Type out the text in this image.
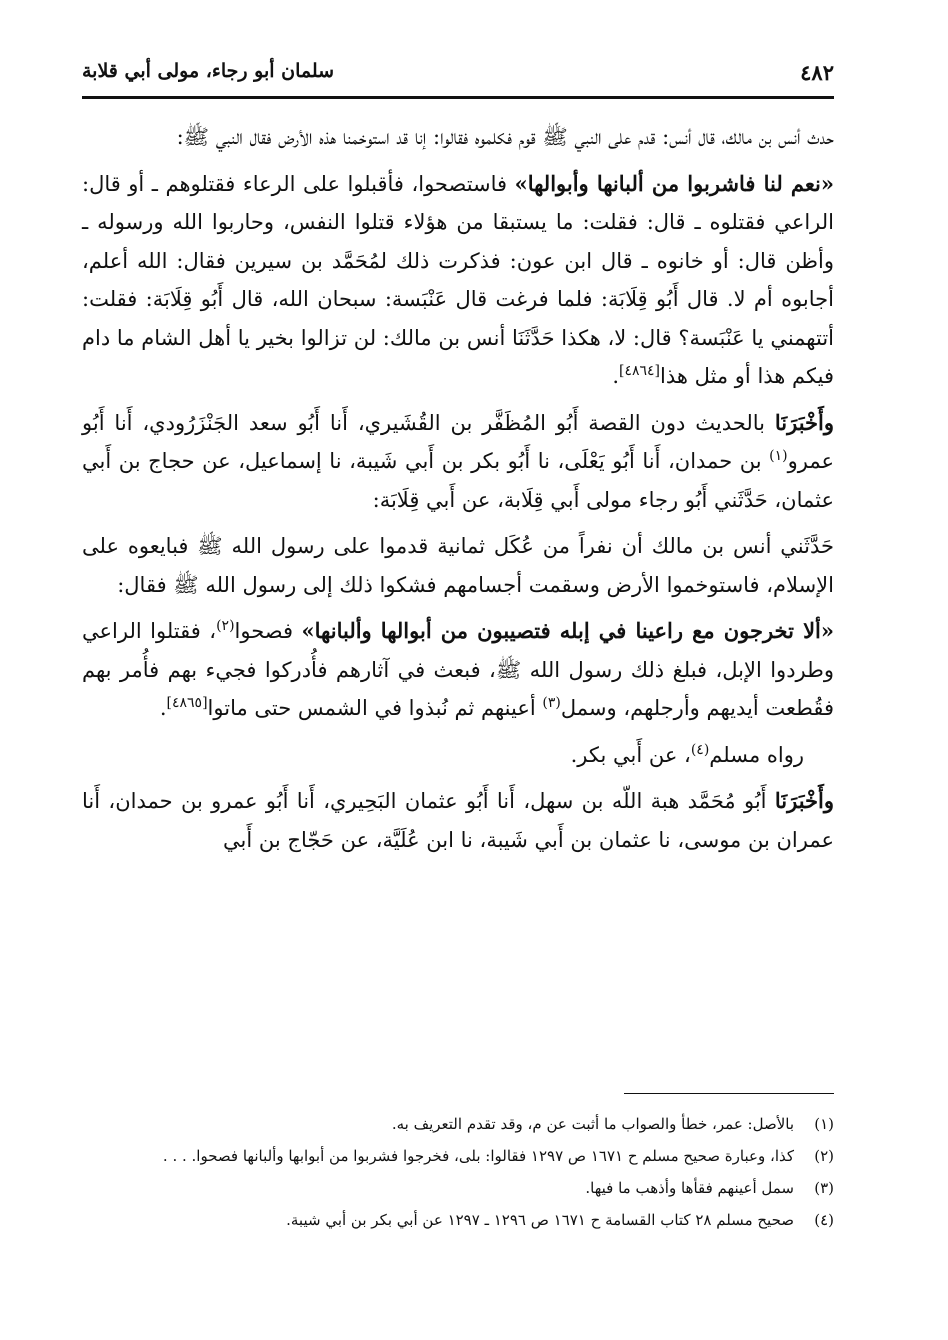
٤٨٢
سلمان أبو رجاء، مولى أبي قلابة

حدث أنس بن مالك، قال أنس: قدم على النبي ﷺ قوم فكلموه فقالوا: إنا قد استوخمنا هذه الأرض فقال النبي ﷺ:

«نعم لنا فاشربوا من ألبانها وأبوالها» فاستصحوا، فأقبلوا على الرعاء فقتلوهم ـ أو قال: الراعي فقتلوه ـ قال: فقلت: ما يستبقا من هؤلاء قتلوا النفس، وحاربوا الله ورسوله ـ وأظن قال: أو خانوه ـ قال ابن عون: فذكرت ذلك لمُحَمَّد بن سيرين فقال: الله أعلم، أجابوه أم لا. قال أَبُو قِلَابَة: فلما فرغت قال عَنْبَسة: سبحان الله، قال أَبُو قِلَابَة: فقلت: أتتهمني يا عَنْبَسة؟ قال: لا، هكذا حَدَّثَنَا أنس بن مالك: لن تزالوا بخير يا أهل الشام ما دام فيكم هذا أو مثل هذا[٤٨٦٤].

وأَخْبَرَنَا بالحديث دون القصة أَبُو المُظَفَّر بن القُشَيري، أَنا أَبُو سعد الجَنْزَرُودي، أَنا أَبُو عمرو$^{(١)}$ بن حمدان، أَنا أَبُو يَعْلَى، نا أَبُو بكر بن أَبي شَيبة، نا إسماعيل، عن حجاج بن أَبي عثمان، حَدَّثَني أَبُو رجاء مولى أَبي قِلَابة، عن أَبي قِلَابَة:

حَدَّثَني أنس بن مالك أن نفراً من عُكَل ثمانية قدموا على رسول الله ﷺ فبايعوه على الإسلام، فاستوخموا الأرض وسقمت أجسامهم فشكوا ذلك إلى رسول الله ﷺ فقال:

«ألا تخرجون مع راعينا في إبله فتصيبون من أبوالها وألبانها» فصحوا$^{(٢)}$، فقتلوا الراعي وطردوا الإبل، فبلغ ذلك رسول الله ﷺ، فبعث في آثارهم فأُدركوا فجيء بهم فأُمر بهم فقُطعت أيديهم وأرجلهم، وسمل$^{(٣)}$ أعينهم ثم نُبذوا في الشمس حتى ماتوا[٤٨٦٥].

رواه مسلم$^{(٤)}$، عن أَبي بكر.

وأَخْبَرَنَا أَبُو مُحَمَّد هبة اللّه بن سهل، أَنا أَبُو عثمان البَحِيري، أَنا أَبُو عمرو بن حمدان، أَنا عمران بن موسى، نا عثمان بن أَبي شَيبة، نا ابن عُلَيَّة، عن حَجّاج بن أَبي

(١)
بالأصل: عمر، خطأ والصواب ما أثبت عن م، وقد تقدم التعريف به.
(٢)
كذا، وعبارة صحيح مسلم ح ١٦٧١ ص ١٢٩٧ فقالوا: بلى، فخرجوا فشربوا من أبوابها وألبانها فصحوا. . . .
(٣)
سمل أعينهم فقأها وأذهب ما فيها.
(٤)
صحيح مسلم ٢٨ كتاب القسامة ح ١٦٧١ ص ١٢٩٦ ـ ١٢٩٧ عن أبي بكر بن أبي شيبة.
